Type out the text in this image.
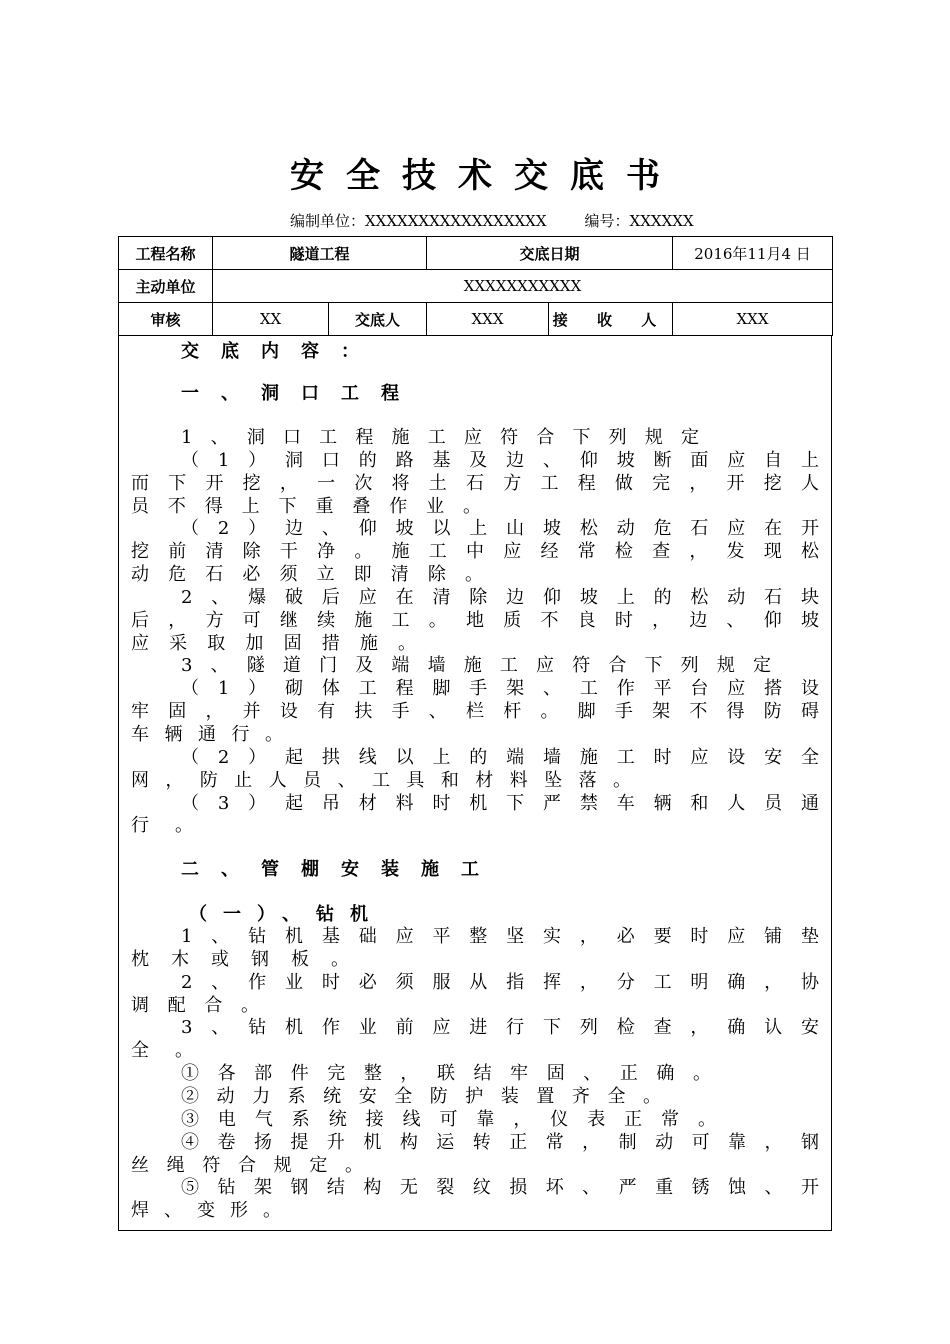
安全技术交底书
编制单位：XXXXXXXXXXXXXXXXX	编号：XXXXXX
工程名称	隧道工程		交底日期		2016年11月4 日
主动单位	XXXXXXXXXXX				
审核	XX	交底人	XXX	接 收 人	XXX
交底内容：
一、洞口工程
1、洞口工程施工应符合下列规定
（1）洞口的路基及边、仰坡断面应自上
而下开挖，一次将土石方工程做完，开挖人
员不得上下重叠作业。
（2）边、仰坡以上山坡松动危石应在开
挖前清除干净。施工中应经常检查，发现松
动危石必须立即清除。
2、爆破后应在清除边仰坡上的松动石块
后，方可继续施工。地质不良时，边、仰坡
应采取加固措施。
3、隧道门及端墙施工应符合下列规定
（1）砌体工程脚手架、工作平台应搭设
牢固，并设有扶手、栏杆。脚手架不得防碍
车辆通行。
（2）起拱线以上的端墙施工时应设安全
网，防止人员、工具和材料坠落。
（3）起吊材料时机下严禁车辆和人员通
行。
二、管棚安装施工
（一）、钻机
1、钻机基础应平整坚实，必要时应铺垫
枕木或钢板。
2、作业时必须服从指挥，分工明确，协
调配合。
3、钻机作业前应进行下列检查，确认安
全。
①各部件完整，联结牢固、正确。
②动力系统安全防护装置齐全。
③电气系统接线可靠，仪表正常。
④卷扬提升机构运转正常，制动可靠，钢
丝绳符合规定。
⑤钻架钢结构无裂纹损坏、严重锈蚀、开
焊、变形。
